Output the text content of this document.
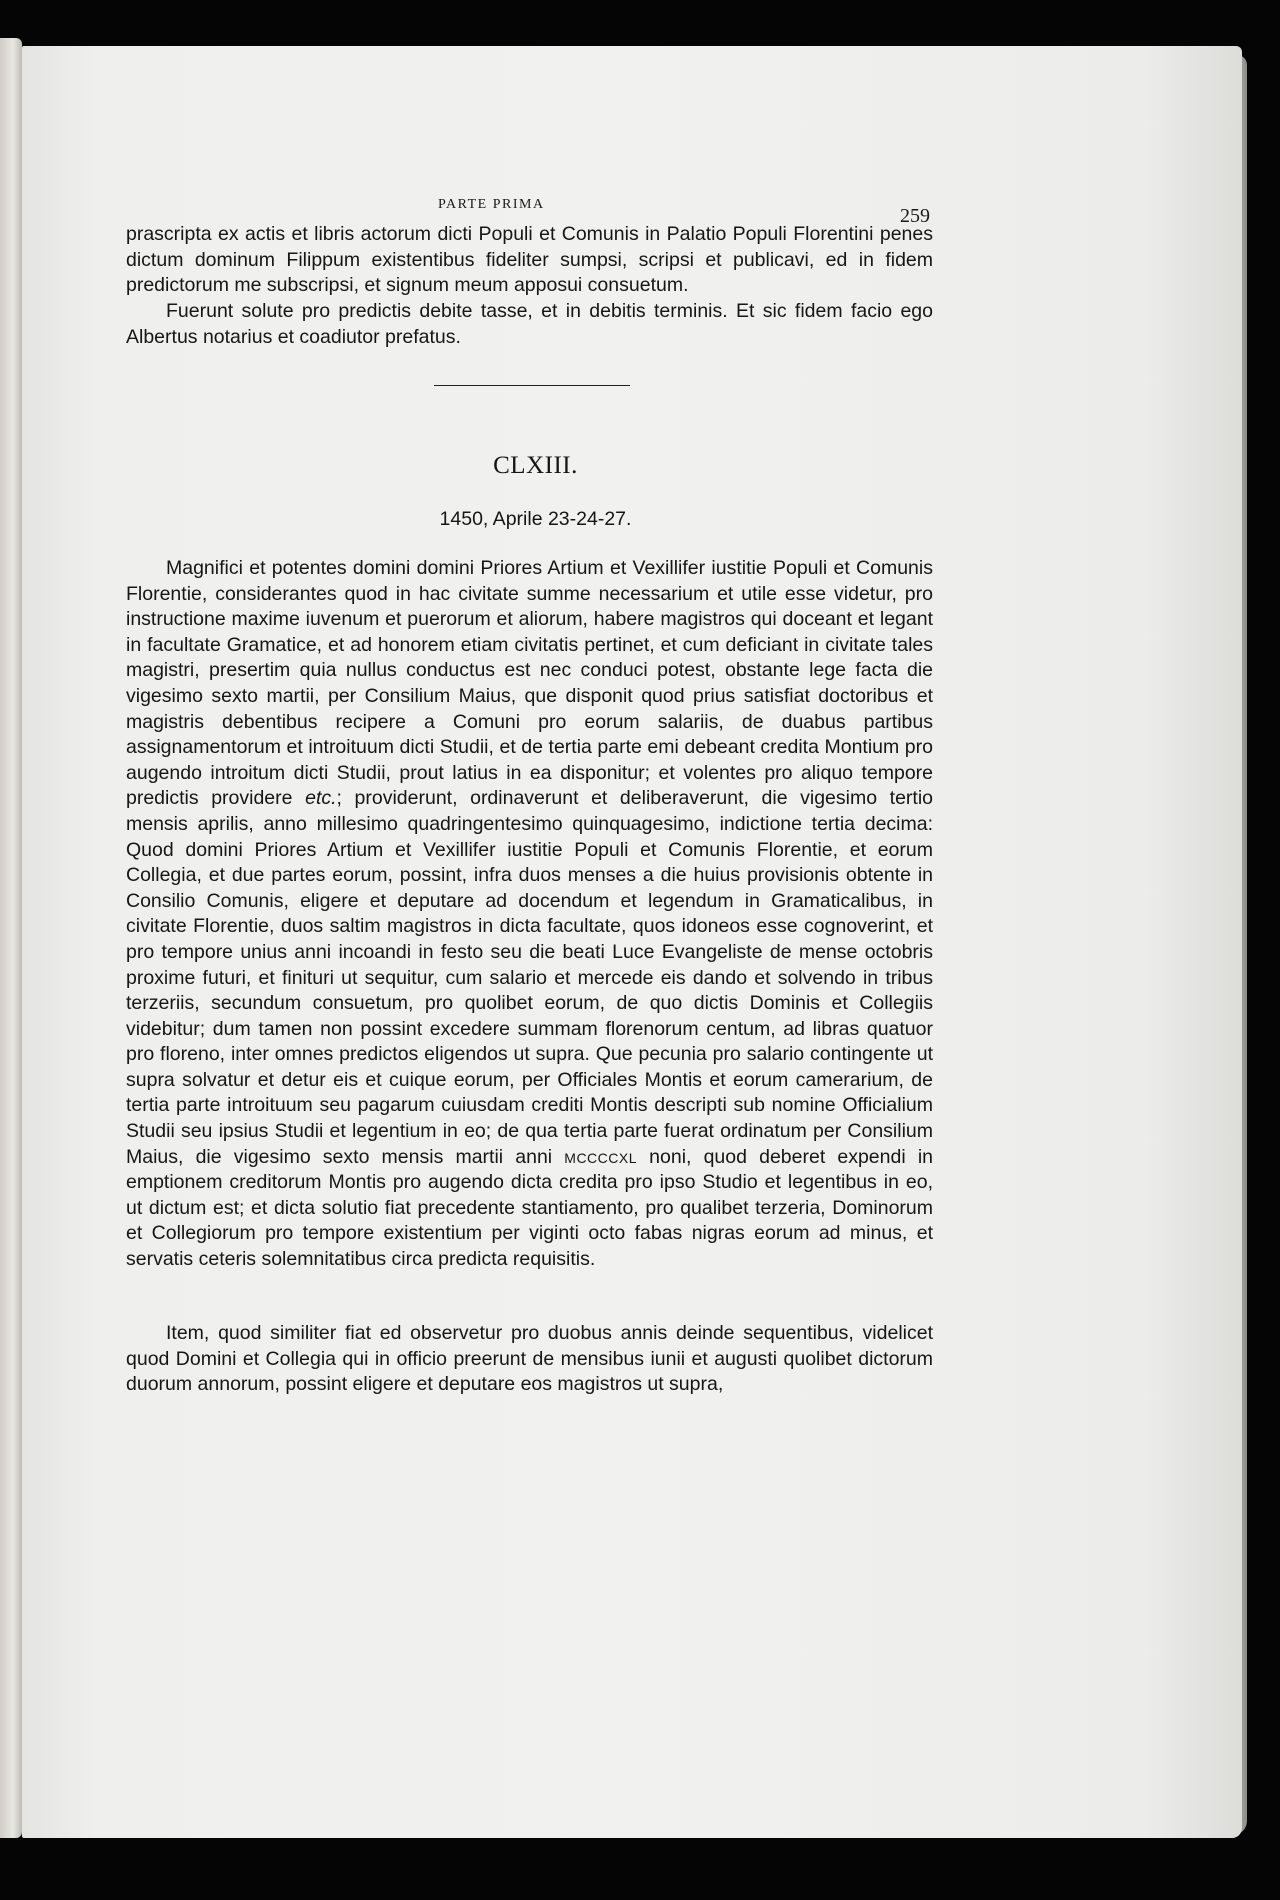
PARTE PRIMA
259

prascripta ex actis et libris actorum dicti Populi et Comunis in Palatio Populi Florentini penes dictum dominum Filippum existentibus fideliter sumpsi, scripsi et publicavi, ed in fidem predictorum me subscripsi, et signum meum apposui consuetum.

Fuerunt solute pro predictis debite tasse, et in debitis terminis. Et sic fidem facio ego Albertus notarius et coadiutor prefatus.

CLXIII.
1450, Aprile 23-24-27.

Magnifici et potentes domini domini Priores Artium et Vexillifer iustitie Populi et Comunis Florentie, considerantes quod in hac civitate summe necessarium et utile esse videtur, pro instructione maxime iuvenum et puerorum et aliorum, habere magistros qui doceant et legant in facultate Gramatice, et ad honorem etiam civitatis pertinet, et cum deficiant in civitate tales magistri, presertim quia nullus conductus est nec conduci potest, obstante lege facta die vigesimo sexto martii, per Consilium Maius, que disponit quod prius satisfiat doctoribus et magistris debentibus recipere a Comuni pro eorum salariis, de duabus partibus assignamentorum et introituum dicti Studii, et de tertia parte emi debeant credita Montium pro augendo introitum dicti Studii, prout latius in ea disponitur; et volentes pro aliquo tempore predictis providere etc.; providerunt, ordinaverunt et deliberaverunt, die vigesimo tertio mensis aprilis, anno millesimo quadringentesimo quinquagesimo, indictione tertia decima: Quod domini Priores Artium et Vexillifer iustitie Populi et Comunis Florentie, et eorum Collegia, et due partes eorum, possint, infra duos menses a die huius provisionis obtente in Consilio Comunis, eligere et deputare ad docendum et legendum in Gramaticalibus, in civitate Florentie, duos saltim magistros in dicta facultate, quos idoneos esse cognoverint, et pro tempore unius anni incoandi in festo seu die beati Luce Evangeliste de mense octobris proxime futuri, et finituri ut sequitur, cum salario et mercede eis dando et solvendo in tribus terzeriis, secundum consuetum, pro quolibet eorum, de quo dictis Dominis et Collegiis videbitur; dum tamen non possint excedere summam florenorum centum, ad libras quatuor pro floreno, inter omnes predictos eligendos ut supra. Que pecunia pro salario contingente ut supra solvatur et detur eis et cuique eorum, per Officiales Montis et eorum camerarium, de tertia parte introituum seu pagarum cuiusdam crediti Montis descripti sub nomine Officialium Studii seu ipsius Studii et legentium in eo; de qua tertia parte fuerat ordinatum per Consilium Maius, die vigesimo sexto mensis martii anni mccccxl noni, quod deberet expendi in emptionem creditorum Montis pro augendo dicta credita pro ipso Studio et legentibus in eo, ut dictum est; et dicta solutio fiat precedente stantiamento, pro qualibet terzeria, Dominorum et Collegiorum pro tempore existentium per viginti octo fabas nigras eorum ad minus, et servatis ceteris solemnitatibus circa predicta requisitis.

Item, quod similiter fiat ed observetur pro duobus annis deinde sequentibus, videlicet quod Domini et Collegia qui in officio preerunt de mensibus iunii et augusti quolibet dictorum duorum annorum, possint eligere et deputare eos magistros ut supra,
